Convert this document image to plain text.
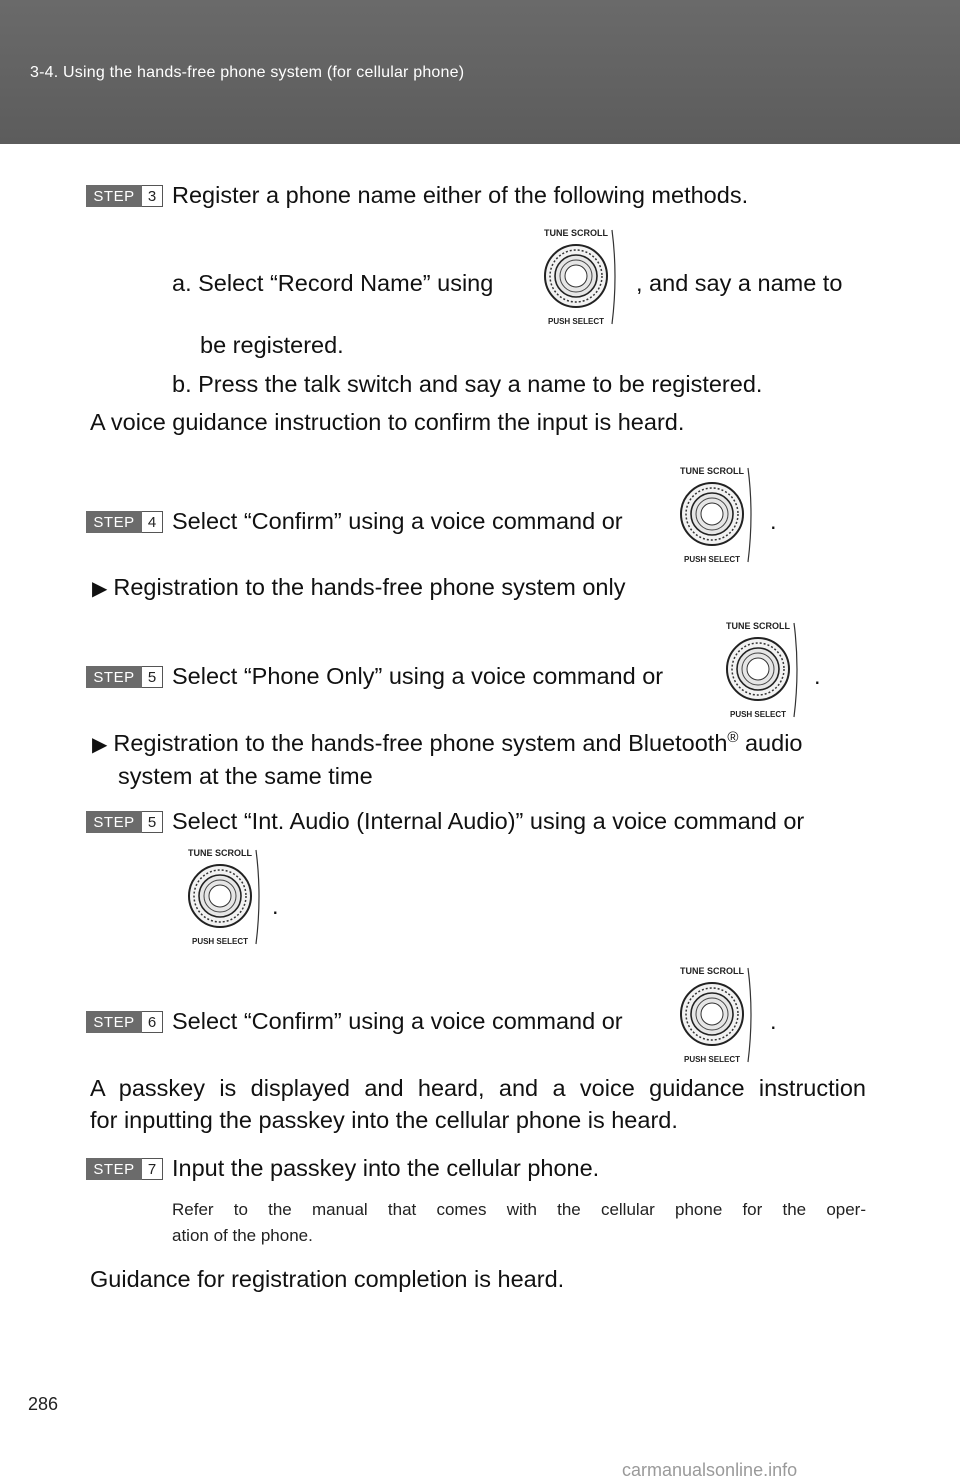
3-4. Using the hands-free phone system (for cellular phone)
STEP 3 Register a phone name either of the following methods.
a. Select “Record Name” using
TUNE SCROLL
PUSH SELECT
, and say a name to
be registered.
b. Press the talk switch and say a name to be registered.
A voice guidance instruction to confirm the input is heard.
STEP 4 Select “Confirm” using a voice command or
TUNE SCROLL
PUSH SELECT
.
▶ Registration to the hands-free phone system only
STEP 5 Select “Phone Only” using a voice command or
TUNE SCROLL
PUSH SELECT
.
▶ Registration to the hands-free phone system and Bluetooth® audio
system at the same time
STEP 5 Select “Int. Audio (Internal Audio)” using a voice command or
TUNE SCROLL
PUSH SELECT
.
STEP 6 Select “Confirm” using a voice command or
TUNE SCROLL
PUSH SELECT
.
A passkey is displayed and heard, and a voice guidance instruction
for inputting the passkey into the cellular phone is heard.
STEP 7 Input the passkey into the cellular phone.
Refer to the manual that comes with the cellular phone for the oper-
ation of the phone.
Guidance for registration completion is heard.
286
carmanualsonline.info
